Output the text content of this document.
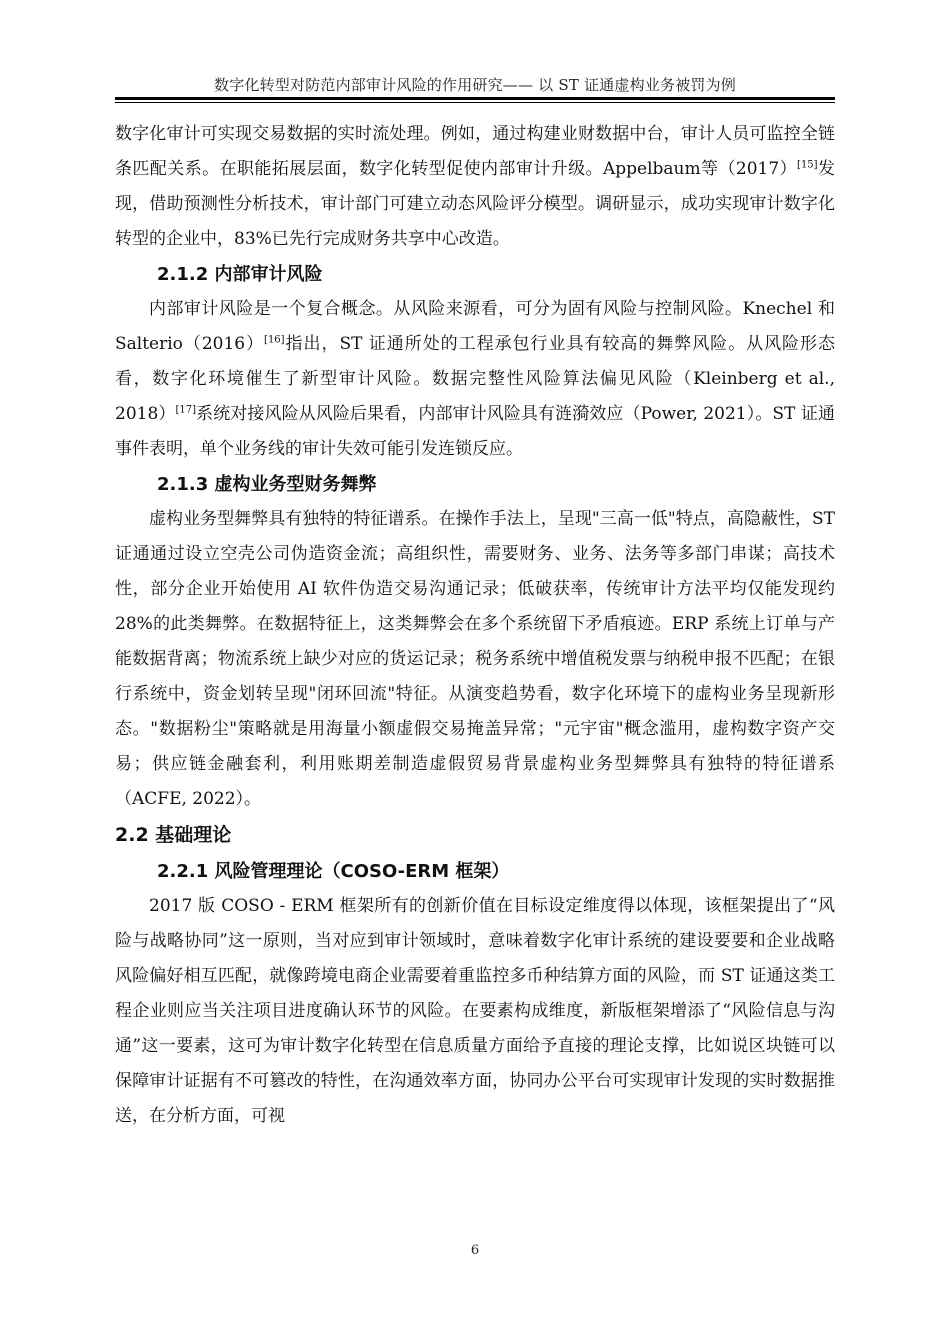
数字化转型对防范内部审计风险的作用研究—— 以 ST 证通虚构业务被罚为例

数字化审计可实现交易数据的实时流处理。例如，通过构建业财数据中台，审计人员可监控全链条匹配关系。在职能拓展层面，数字化转型促使内部审计升级。Appelbaum等（2017）[15]发现，借助预测性分析技术，审计部门可建立动态风险评分模型。调研显示，成功实现审计数字化转型的企业中，83%已先行完成财务共享中心改造。

2.1.2 内部审计风险

内部审计风险是一个复合概念。从风险来源看，可分为固有风险与控制风险。Knechel 和 Salterio（2016）[16]指出，ST 证通所处的工程承包行业具有较高的舞弊风险。从风险形态看，数字化环境催生了新型审计风险。数据完整性风险算法偏见风险（Kleinberg et al., 2018）[17]系统对接风险从风险后果看，内部审计风险具有涟漪效应（Power, 2021）。ST 证通事件表明，单个业务线的审计失效可能引发连锁反应。

2.1.3 虚构业务型财务舞弊

虚构业务型舞弊具有独特的特征谱系。在操作手法上，呈现"三高一低"特点，高隐蔽性，ST 证通通过设立空壳公司伪造资金流；高组织性，需要财务、业务、法务等多部门串谋；高技术性，部分企业开始使用 AI 软件伪造交易沟通记录；低破获率，传统审计方法平均仅能发现约 28%的此类舞弊。在数据特征上，这类舞弊会在多个系统留下矛盾痕迹。ERP 系统上订单与产能数据背离；物流系统上缺少对应的货运记录；税务系统中增值税发票与纳税申报不匹配；在银行系统中，资金划转呈现"闭环回流"特征。从演变趋势看，数字化环境下的虚构业务呈现新形态。"数据粉尘"策略就是用海量小额虚假交易掩盖异常；"元宇宙"概念滥用，虚构数字资产交易；供应链金融套利，利用账期差制造虚假贸易背景虚构业务型舞弊具有独特的特征谱系（ACFE, 2022）。

2.2 基础理论
2.2.1 风险管理理论（COSO-ERM 框架）

2017 版 COSO - ERM 框架所有的创新价值在目标设定维度得以体现，该框架提出了“风险与战略协同”这一原则，当对应到审计领域时，意味着数字化审计系统的建设要要和企业战略风险偏好相互匹配，就像跨境电商企业需要着重监控多币种结算方面的风险，而 ST 证通这类工程企业则应当关注项目进度确认环节的风险。在要素构成维度，新版框架增添了“风险信息与沟通”这一要素，这可为审计数字化转型在信息质量方面给予直接的理论支撑，比如说区块链可以保障审计证据有不可篡改的特性，在沟通效率方面，协同办公平台可实现审计发现的实时数据推送，在分析方面，可视

6
